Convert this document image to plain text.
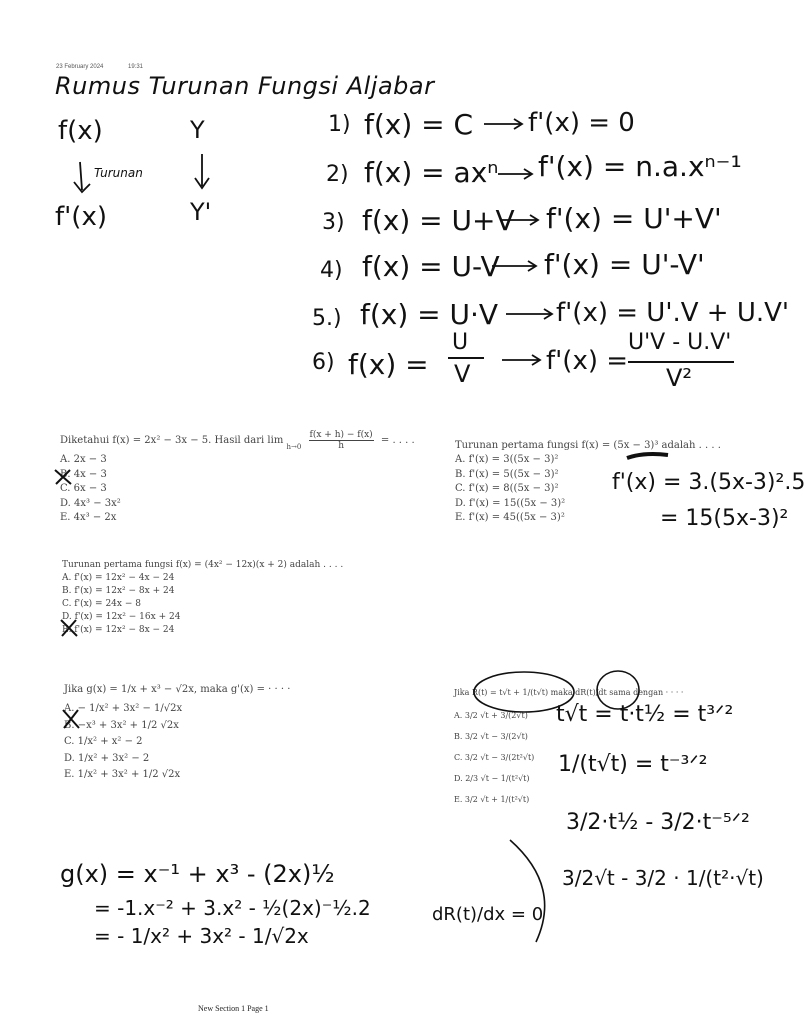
23 February 2024	19:31
Rumus Turunan Fungsi Aljabar
f(x)	Y
Turunan
f'(x)	Y'
1) f(x) = C f'(x) = 0
2) f(x) = axⁿ f'(x) = n.a.xⁿ⁻¹
3) f(x) = U+V f'(x) = U'+V'
4) f(x) = U-V f'(x) = U'-V'
5.) f(x) = U·V f'(x) = U'.V + U.V'
6) f(x) =
U
V	f'(x) =
U'V - U.V'
V²
Diketahui f(x) = 2x² − 3x − 5. Hasil dari $\lim _{h\to 0} \frac{f(x + h) - f(x)}{h}$ = . . . .
A. 2x − 3
B. 4x − 3
C. 6x − 3
D. 4x³ − 3x²
E. 4x³ − 2x
Turunan pertama fungsi f(x) = (5x − 3)³ adalah . . . .
A. f'(x) = 3((5x − 3)²
B. f'(x) = 5((5x − 3)²
C. f'(x) = 8((5x − 3)²
D. f'(x) = 15((5x − 3)²
E. f'(x) = 45((5x − 3)²
f'(x) = 3.(5x-3)².5
= 15(5x-3)²
Turunan pertama fungsi f(x) = (4x² − 12x)(x + 2) adalah . . . .
A. f'(x) = 12x² − 4x − 24
B. f'(x) = 12x² − 8x + 24
C. f'(x) = 24x − 8
D. f'(x) = 12x² − 16x + 24
E. f'(x) = 12x² − 8x − 24
Jika g(x) = 1/x + x³ − √2x, maka g'(x) = · · · ·
A. − 1/x² + 3x² − 1/√2x
B. −x³ + 3x² + 1/2 √2x
C. 1/x² + x² − 2
D. 1/x² + 3x² − 2
E. 1/x² + 3x² + 1/2 √2x
g(x) = x⁻¹ + x³ - (2x)½
= -1.x⁻² + 3.x² - ½(2x)⁻½.2
= - 1/x² + 3x² - 1/√2x
Jika R(t) = t√t + 1/(t√t) maka dR(t)/dt sama dengan · · · ·
A. 3/2 √t + 3/(2√t)
B. 3/2 √t − 3/(2√t)
C. 3/2 √t − 3/(2t²√t)
D. 2/3 √t − 1/(t²√t)
E. 3/2 √t + 1/(t²√t)
t√t = t·t½ = t³ᐟ²
1/(t√t) = t⁻³ᐟ²
3/2·t½ - 3/2·t⁻⁵ᐟ²
3/2√t - 3/2 · 1/(t²·√t)
dR(t)/dx = 0
New Section 1 Page 1
